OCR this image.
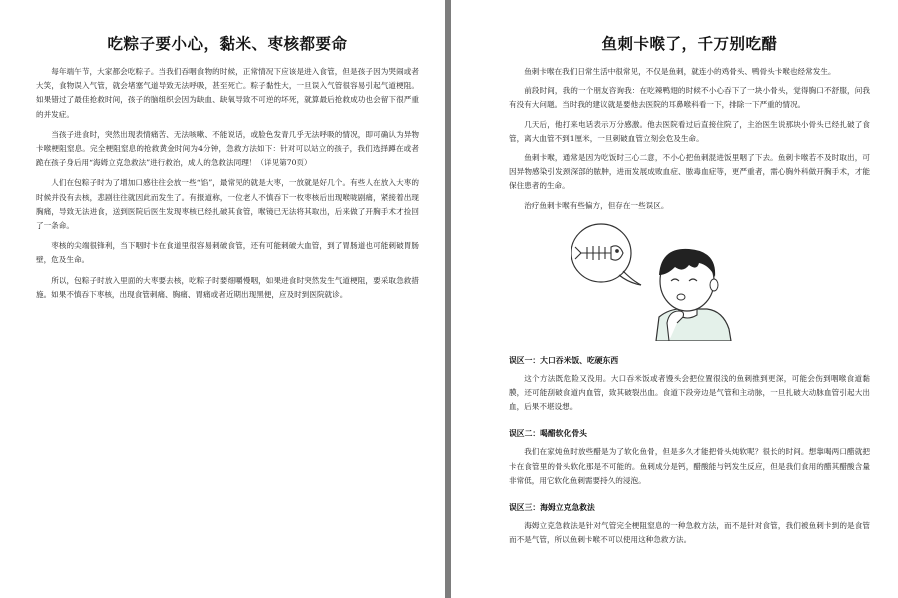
吃粽子要小心，黏米、枣核都要命

每年端午节，大家都会吃粽子。当我们吞咽食物的时候，正常情况下应该是进入食管，但是孩子因为哭闹或者大笑，食物误入气管，就会堵塞气道导致无法呼吸，甚至死亡。粽子黏性大，一旦误入气管很容易引起气道梗阻。如果错过了最佳抢救时间，孩子的脑组织会因为缺血、缺氧导致不可逆的坏死，就算最后抢救成功也会留下很严重的并发症。

当孩子进食时，突然出现表情痛苦、无法咳嗽、不能说话，或脸色发青几乎无法呼吸的情况，即可确认为异物卡喉梗阻窒息。完全梗阻窒息的抢救黄金时间为4分钟，急救方法如下：针对可以站立的孩子，我们选择蹲在或者跪在孩子身后用“海姆立克急救法”进行救治，成人的急救法同理！（详见第70页）

人们在包粽子时为了增加口感往往会放一些“馅”，最常见的就是大枣，一放就是好几个。有些人在放入大枣的时候并没有去核，悲剧往往就因此而发生了。有报道称，一位老人不慎吞下一枚枣核后出现喉咙剧痛，紧接着出现胸痛，导致无法进食，送到医院后医生发现枣核已经扎破其食管，喉镜已无法将其取出，后来做了开胸手术才捡回了一条命。

枣核的尖端很锋利，当下咽时卡在食道里很容易刺破食管，还有可能刺破大血管，到了胃肠道也可能刺破胃肠壁，危及生命。

所以，包粽子时放入里面的大枣要去核，吃粽子时要细嚼慢咽，如果进食时突然发生气道梗阻，要采取急救措施。如果不慎吞下枣核，出现食管刺痛、胸痛、胃痛或者近期出现黑便，应及时到医院就诊。

鱼刺卡喉了，千万别吃醋

鱼刺卡喉在我们日常生活中很常见，不仅是鱼刺，就连小的鸡骨头、鸭骨头卡喉也经常发生。

前段时间，我的一个朋友咨询我：在吃辣鸭翅的时候不小心吞下了一块小骨头，觉得胸口不舒服，问我有没有大问题。当时我的建议就是要他去医院的耳鼻喉科看一下，排除一下严重的情况。

几天后，他打来电话表示万分感激。他去医院看过后直接住院了，主治医生说那块小骨头已经扎破了食管，离大血管不到1厘米，一旦刺破血管立刻会危及生命。

鱼刺卡喉，通常是因为吃饭时三心二意，不小心把鱼刺混进饭里咽了下去。鱼刺卡喉若不及时取出，可因异物感染引发颈深部的脓肿，进而发展成败血症、脓毒血症等，更严重者，需心胸外科做开胸手术，才能保住患者的生命。

治疗鱼刺卡喉有些偏方，但存在一些误区。

误区一：大口吞米饭、吃硬东西

这个方法既危险又没用。大口吞米饭或者馒头会把位置很浅的鱼刺推到更深，可能会伤到咽喉食道黏膜，还可能刮破食道内血管，致其破裂出血。食道下段旁边是气管和主动脉，一旦扎破大动脉血管引起大出血，后果不堪设想。

误区二：喝醋软化骨头

我们在家炖鱼时放些醋是为了软化鱼骨，但是多久才能把骨头炖软呢？很长的时间。想靠喝两口醋就把卡在食管里的骨头软化那是不可能的。鱼刺成分是钙，醋酸能与钙发生反应，但是我们食用的醋其醋酸含量非常低，用它软化鱼刺需要持久的浸泡。

误区三：海姆立克急救法

海姆立克急救法是针对气管完全梗阻窒息的一种急救方法，而不是针对食管，我们被鱼刺卡到的是食管而不是气管，所以鱼刺卡喉不可以使用这种急救方法。
